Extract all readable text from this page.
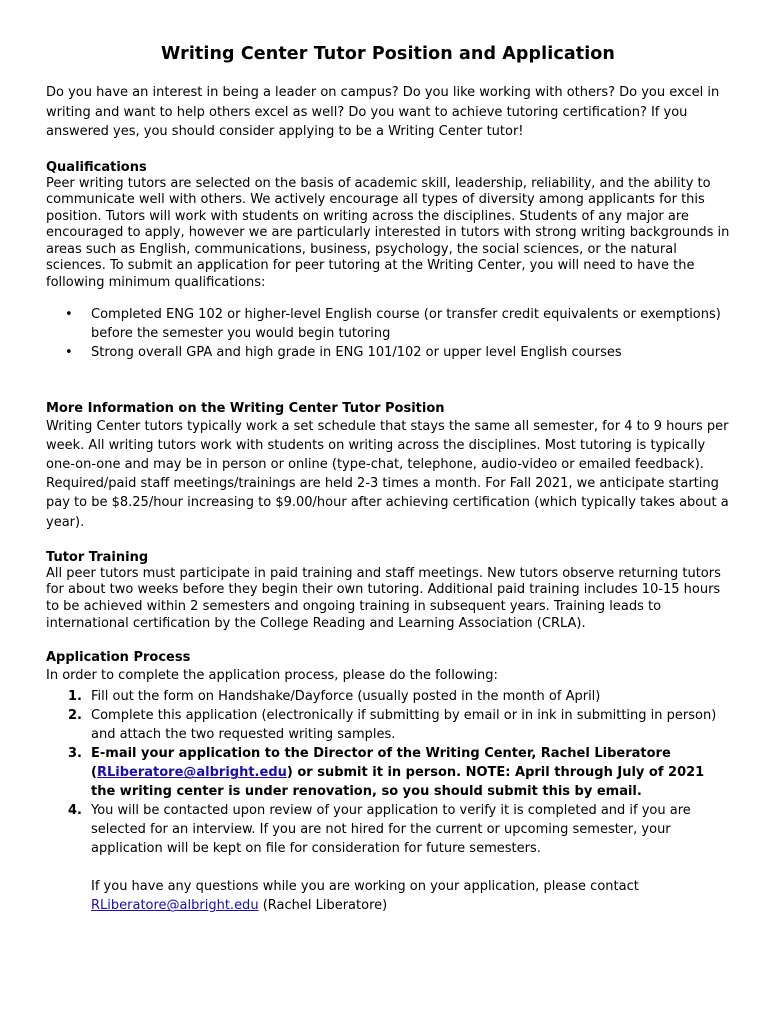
Writing Center Tutor Position and Application

Do you have an interest in being a leader on campus? Do you like working with others? Do you excel in writing and want to help others excel as well? Do you want to achieve tutoring certification? If you answered yes, you should consider applying to be a Writing Center tutor!

Qualifications

Peer writing tutors are selected on the basis of academic skill, leadership, reliability, and the ability to communicate well with others. We actively encourage all types of diversity among applicants for this position. Tutors will work with students on writing across the disciplines. Students of any major are encouraged to apply, however we are particularly interested in tutors with strong writing backgrounds in areas such as English, communications, business, psychology, the social sciences, or the natural sciences. To submit an application for peer tutoring at the Writing Center, you will need to have the following minimum qualifications:

• Completed ENG 102 or higher-level English course (or transfer credit equivalents or exemptions) before the semester you would begin tutoring
• Strong overall GPA and high grade in ENG 101/102 or upper level English courses
More Information on the Writing Center Tutor Position

Writing Center tutors typically work a set schedule that stays the same all semester, for 4 to 9 hours per week. All writing tutors work with students on writing across the disciplines. Most tutoring is typically one-on-one and may be in person or online (type-chat, telephone, audio-video or emailed feedback). Required/paid staff meetings/trainings are held 2-3 times a month. For Fall 2021, we anticipate starting pay to be $8.25/hour increasing to $9.00/hour after achieving certification (which typically takes about a year).

Tutor Training

All peer tutors must participate in paid training and staff meetings. New tutors observe returning tutors for about two weeks before they begin their own tutoring. Additional paid training includes 10-15 hours to be achieved within 2 semesters and ongoing training in subsequent years. Training leads to international certification by the College Reading and Learning Association (CRLA).

Application Process

In order to complete the application process, please do the following:

1. Fill out the form on Handshake/Dayforce (usually posted in the month of April)
2. Complete this application (electronically if submitting by email or in ink in submitting in person) and attach the two requested writing samples.
3. E-mail your application to the Director of the Writing Center, Rachel Liberatore (RLiberatore@albright.edu) or submit it in person. NOTE: April through July of 2021 the writing center is under renovation, so you should submit this by email.
4. You will be contacted upon review of your application to verify it is completed and if you are selected for an interview. If you are not hired for the current or upcoming semester, your application will be kept on file for consideration for future semesters.
If you have any questions while you are working on your application, please contact RLiberatore@albright.edu (Rachel Liberatore)
